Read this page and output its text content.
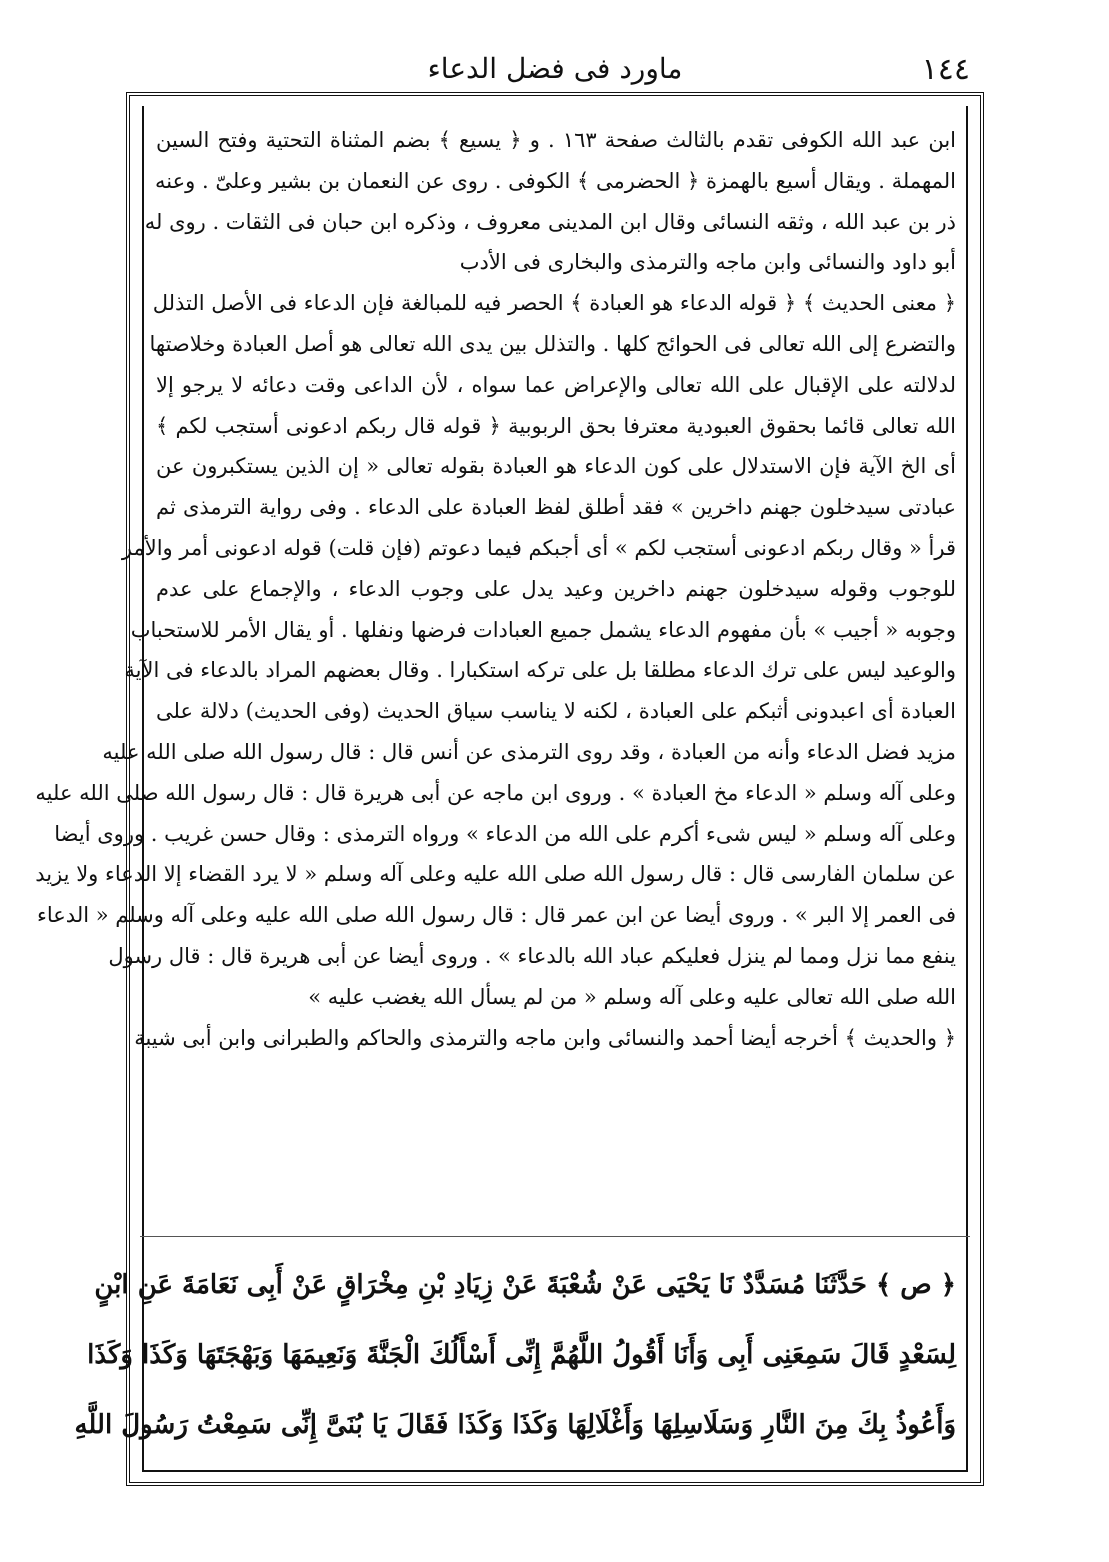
١٤٤
ماورد فى فضل الدعاء
ابن عبد الله الكوفى تقدم بالثالث صفحة ١٦٣ . و ﴿ يسيع ﴾ بضم المثناة التحتية وفتح السين
المهملة . ويقال أسيع بالهمزة ﴿ الحضرمى ﴾ الكوفى . روى عن النعمان بن بشير وعلىّ . وعنه
ذر بن عبد الله ، وثقه النسائى وقال ابن المدينى معروف ، وذكره ابن حبان فى الثقات . روى له
أبو داود والنسائى وابن ماجه والترمذى والبخارى فى الأدب
﴿ معنى الحديث ﴾ ﴿ قوله الدعاء هو العبادة ﴾ الحصر فيه للمبالغة فإن الدعاء فى الأصل التذلل
والتضرع إلى الله تعالى فى الحوائج كلها . والتذلل بين يدى الله تعالى هو أصل العبادة وخلاصتها
لدلالته على الإقبال على الله تعالى والإعراض عما سواه ، لأن الداعى وقت دعائه لا يرجو إلا
الله تعالى قائما بحقوق العبودية معترفا بحق الربوبية ﴿ قوله قال ربكم ادعونى أستجب لكم ﴾
أى الخ الآية فإن الاستدلال على كون الدعاء هو العبادة بقوله تعالى « إن الذين يستكبرون عن
عبادتى سيدخلون جهنم داخرين » فقد أطلق لفظ العبادة على الدعاء . وفى رواية الترمذى ثم
قرأ « وقال ربكم ادعونى أستجب لكم » أى أجبكم فيما دعوتم (فإن قلت) قوله ادعونى أمر والأمر
للوجوب وقوله سيدخلون جهنم داخرين وعيد يدل على وجوب الدعاء ، والإجماع على عدم
وجوبه « أجيب » بأن مفهوم الدعاء يشمل جميع العبادات فرضها ونفلها . أو يقال الأمر للاستحباب
والوعيد ليس على ترك الدعاء مطلقا بل على تركه استكبارا . وقال بعضهم المراد بالدعاء فى الآية
العبادة أى اعبدونى أثبكم على العبادة ، لكنه لا يناسب سياق الحديث (وفى الحديث) دلالة على
مزيد فضل الدعاء وأنه من العبادة ، وقد روى الترمذى عن أنس قال : قال رسول الله صلى الله عليه
وعلى آله وسلم « الدعاء مخ العبادة » . وروى ابن ماجه عن أبى هريرة قال : قال رسول الله صلى الله عليه
وعلى آله وسلم « ليس شىء أكرم على الله من الدعاء » ورواه الترمذى : وقال حسن غريب . وروى أيضا
عن سلمان الفارسى قال : قال رسول الله صلى الله عليه وعلى آله وسلم « لا يرد القضاء إلا الدعاء ولا يزيد
فى العمر إلا البر » . وروى أيضا عن ابن عمر قال : قال رسول الله صلى الله عليه وعلى آله وسلم « الدعاء
ينفع مما نزل ومما لم ينزل فعليكم عباد الله بالدعاء » . وروى أيضا عن أبى هريرة قال : قال رسول
الله صلى الله تعالى عليه وعلى آله وسلم « من لم يسأل الله يغضب عليه »
﴿ والحديث ﴾ أخرجه أيضا أحمد والنسائى وابن ماجه والترمذى والحاكم والطبرانى وابن أبى شيبة
﴿ ص ﴾ حَدَّثَنَا مُسَدَّدٌ نَا يَحْيَى عَنْ شُعْبَةَ عَنْ زِيَادِ بْنِ مِخْرَاقٍ عَنْ أَبِى نَعَامَةَ عَنِ ابْنٍ
لِسَعْدٍ قَالَ سَمِعَنِى أَبِى وَأَنَا أَقُولُ اللَّهُمَّ إِنِّى أَسْأَلُكَ الْجَنَّةَ وَنَعِيمَهَا وَبَهْجَتَهَا وَكَذَا وَكَذَا
وَأَعُوذُ بِكَ مِنَ النَّارِ وَسَلَاسِلِهَا وَأَغْلَالِهَا وَكَذَا وَكَذَا فَقَالَ يَا بُنَىَّ إِنِّى سَمِعْتُ رَسُولَ اللَّهِ
